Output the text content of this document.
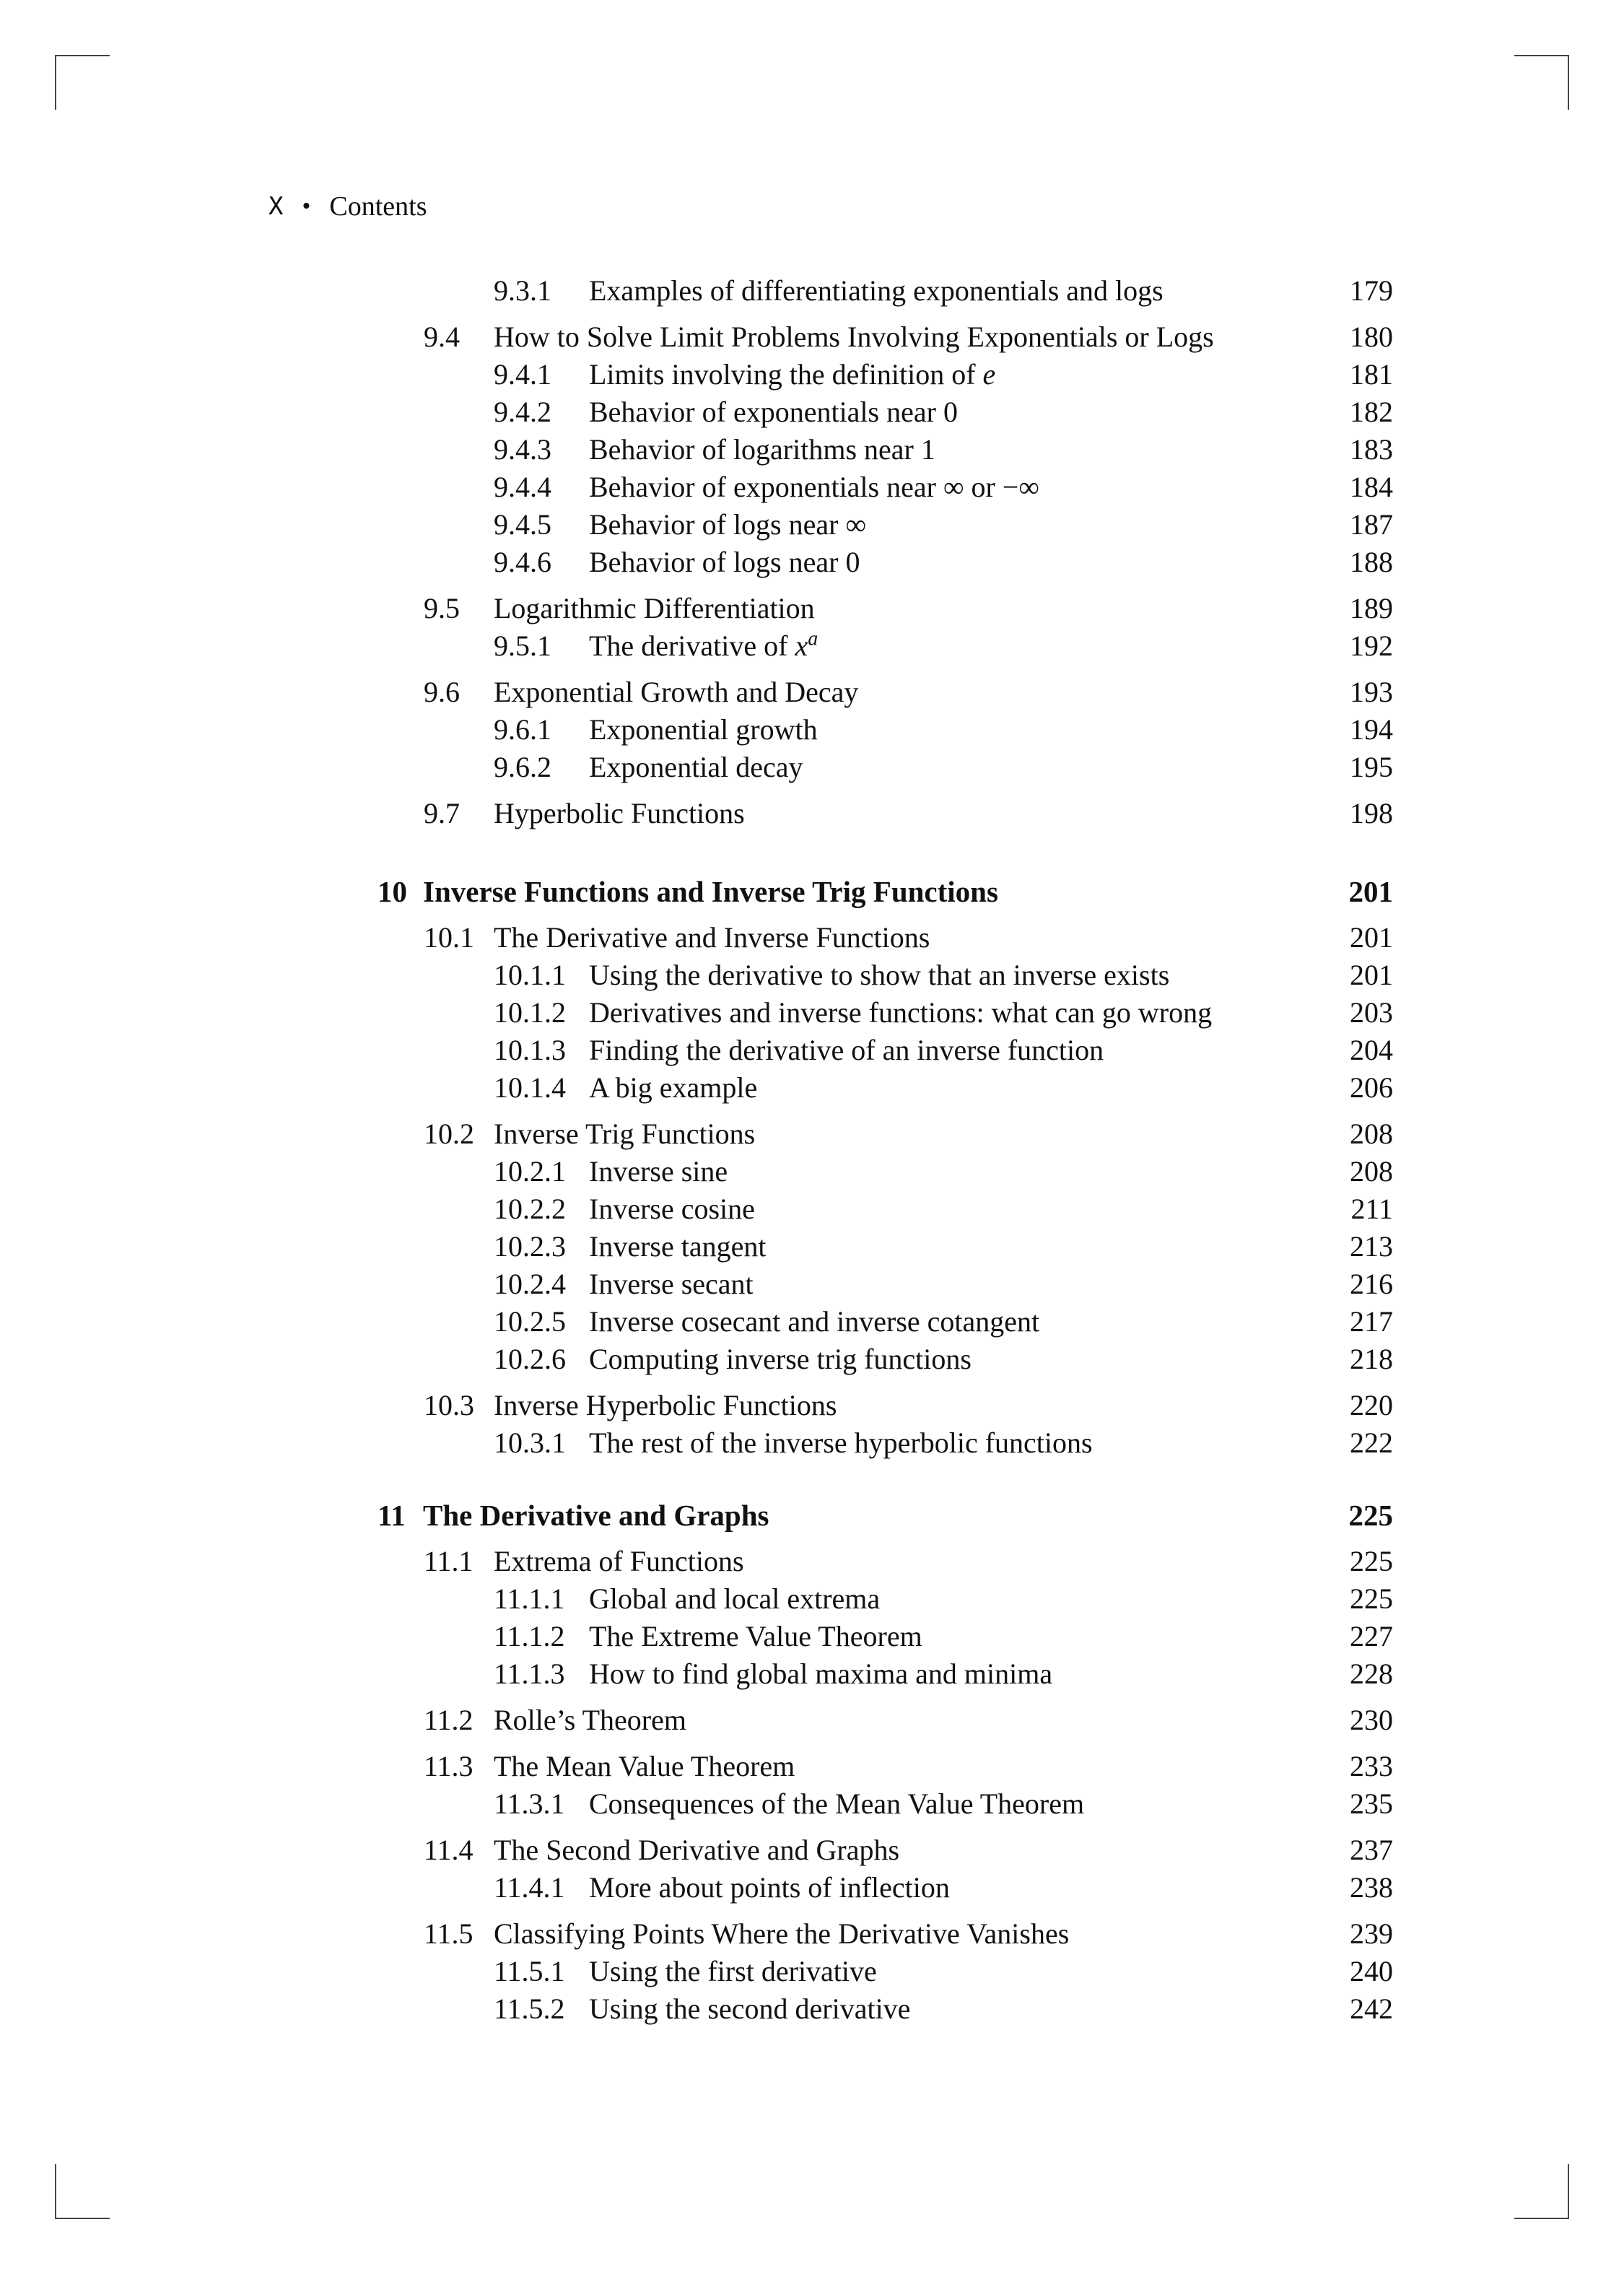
X • Contents
9.3.1 Examples of differentiating exponentials and logs	179
9.4 How to Solve Limit Problems Involving Exponentials or Logs	180
9.4.1 Limits involving the definition of e	181
9.4.2 Behavior of exponentials near 0	182
9.4.3 Behavior of logarithms near 1	183
9.4.4 Behavior of exponentials near ∞ or −∞	184
9.4.5 Behavior of logs near ∞	187
9.4.6 Behavior of logs near 0	188
9.5 Logarithmic Differentiation	189
9.5.1 The derivative of $x^a$	192
9.6 Exponential Growth and Decay	193
9.6.1 Exponential growth	194
9.6.2 Exponential decay	195
9.7 Hyperbolic Functions	198
10 Inverse Functions and Inverse Trig Functions	201
10.1 The Derivative and Inverse Functions	201
10.1.1 Using the derivative to show that an inverse exists	201
10.1.2 Derivatives and inverse functions: what can go wrong	203
10.1.3 Finding the derivative of an inverse function	204
10.1.4 A big example	206
10.2 Inverse Trig Functions	208
10.2.1 Inverse sine	208
10.2.2 Inverse cosine	211
10.2.3 Inverse tangent	213
10.2.4 Inverse secant	216
10.2.5 Inverse cosecant and inverse cotangent	217
10.2.6 Computing inverse trig functions	218
10.3 Inverse Hyperbolic Functions	220
10.3.1 The rest of the inverse hyperbolic functions	222
11 The Derivative and Graphs	225
11.1 Extrema of Functions	225
11.1.1 Global and local extrema	225
11.1.2 The Extreme Value Theorem	227
11.1.3 How to find global maxima and minima	228
11.2 Rolle’s Theorem	230
11.3 The Mean Value Theorem	233
11.3.1 Consequences of the Mean Value Theorem	235
11.4 The Second Derivative and Graphs	237
11.4.1 More about points of inflection	238
11.5 Classifying Points Where the Derivative Vanishes	239
11.5.1 Using the first derivative	240
11.5.2 Using the second derivative	242
